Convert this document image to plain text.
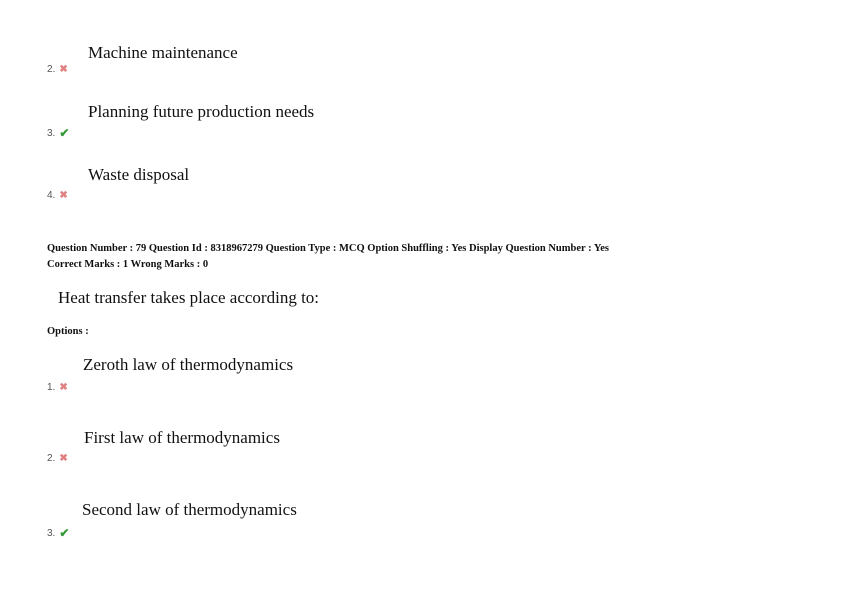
Machine maintenance
2. ✖
Planning future production needs
3. ✔
Waste disposal
4. ✖
Question Number : 79 Question Id : 8318967279 Question Type : MCQ Option Shuffling : Yes Display Question Number : Yes
Correct Marks : 1 Wrong Marks : 0
Heat transfer takes place according to:
Options :
Zeroth law of thermodynamics
1. ✖
First law of thermodynamics
2. ✖
Second law of thermodynamics
3. ✔
